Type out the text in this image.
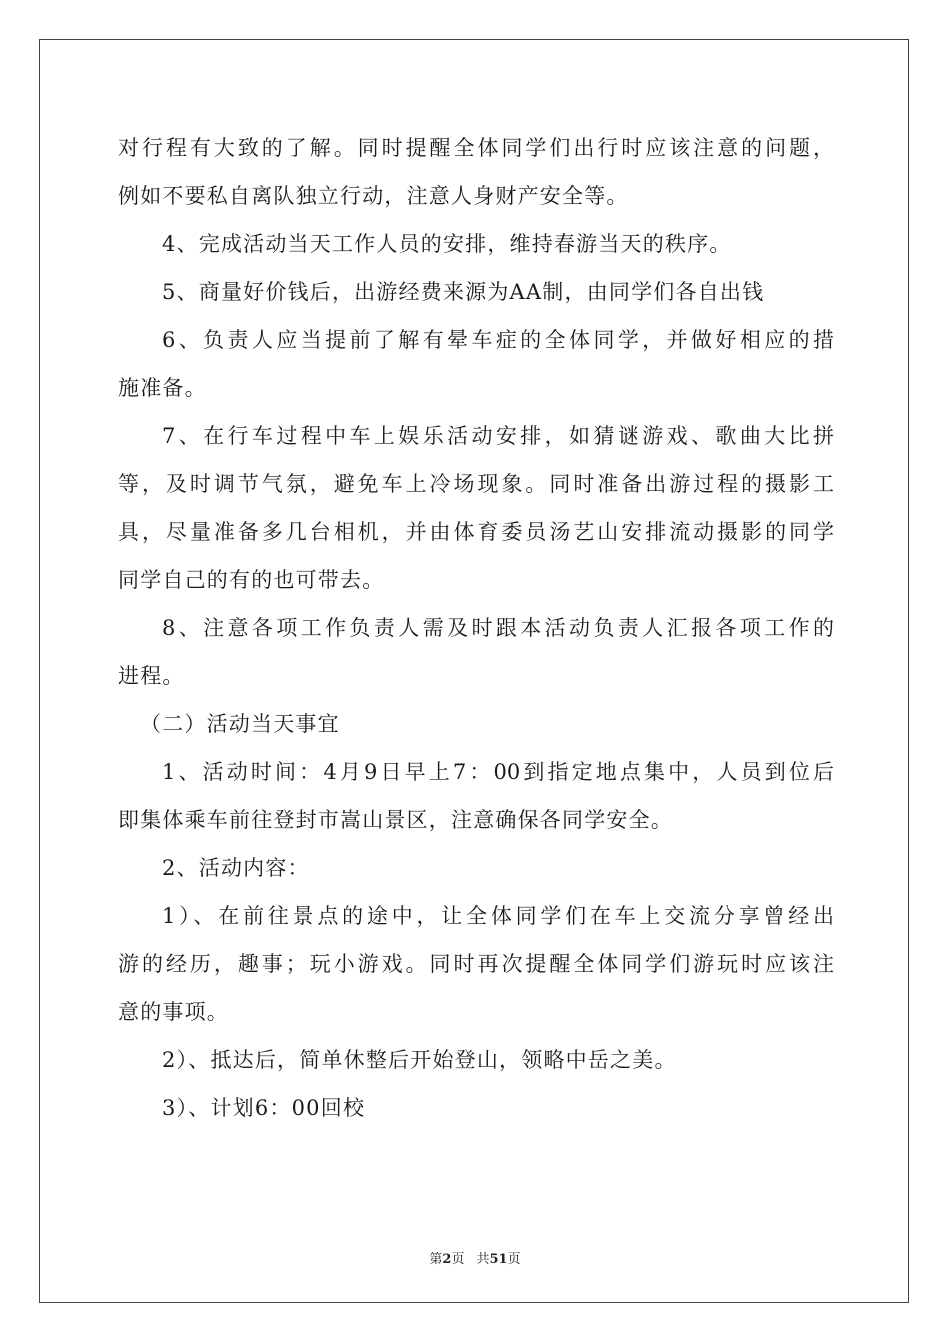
对行程有大致的了解。同时提醒全体同学们出行时应该注意的问题，
例如不要私自离队独立行动，注意人身财产安全等。
4、完成活动当天工作人员的安排，维持春游当天的秩序。
5、商量好价钱后，出游经费来源为AA制，由同学们各自出钱
6、负责人应当提前了解有晕车症的全体同学，并做好相应的措
施准备。
7、在行车过程中车上娱乐活动安排，如猜谜游戏、歌曲大比拼
等，及时调节气氛，避免车上冷场现象。同时准备出游过程的摄影工
具，尽量准备多几台相机，并由体育委员汤艺山安排流动摄影的同学
同学自己的有的也可带去。
8、注意各项工作负责人需及时跟本活动负责人汇报各项工作的
进程。
（二）活动当天事宜
1、活动时间：4月9日早上7：00到指定地点集中，人员到位后
即集体乘车前往登封市嵩山景区，注意确保各同学安全。
2、活动内容：
1）、在前往景点的途中，让全体同学们在车上交流分享曾经出
游的经历，趣事；玩小游戏。同时再次提醒全体同学们游玩时应该注
意的事项。
2）、抵达后，简单休整后开始登山，领略中岳之美。
3）、计划6：00回校
第2页 共51页
